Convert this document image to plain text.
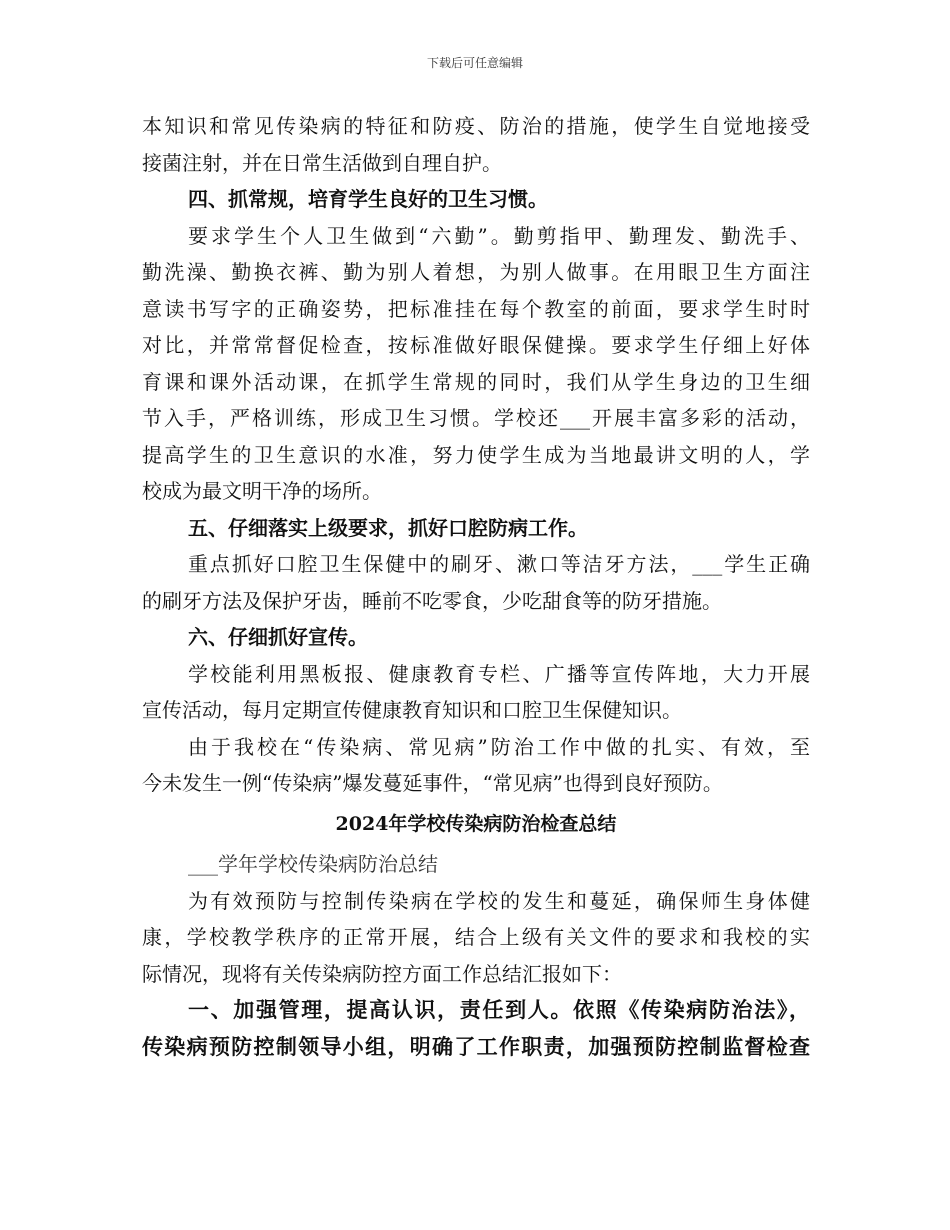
下载后可任意编辑
本知识和常见传染病的特征和防疫、防治的措施，使学生自觉地接受
接菌注射，并在日常生活做到自理自护。
四、抓常规，培育学生良好的卫生习惯。
要求学生个人卫生做到“六勤”。勤剪指甲、勤理发、勤洗手、
勤洗澡、勤换衣裤、勤为别人着想，为别人做事。在用眼卫生方面注
意读书写字的正确姿势，把标准挂在每个教室的前面，要求学生时时
对比，并常常督促检查，按标准做好眼保健操。要求学生仔细上好体
育课和课外活动课，在抓学生常规的同时，我们从学生身边的卫生细
节入手，严格训练，形成卫生习惯。学校还___开展丰富多彩的活动，
提高学生的卫生意识的水准，努力使学生成为当地最讲文明的人，学
校成为最文明干净的场所。
五、仔细落实上级要求，抓好口腔防病工作。
重点抓好口腔卫生保健中的刷牙、漱口等洁牙方法，___学生正确
的刷牙方法及保护牙齿，睡前不吃零食，少吃甜食等的防牙措施。
六、仔细抓好宣传。
学校能利用黑板报、健康教育专栏、广播等宣传阵地，大力开展
宣传活动，每月定期宣传健康教育知识和口腔卫生保健知识。
由于我校在“传染病、常见病”防治工作中做的扎实、有效，至
今未发生一例“传染病”爆发蔓延事件，“常见病”也得到良好预防。
2024年学校传染病防治检查总结
___学年学校传染病防治总结
为有效预防与控制传染病在学校的发生和蔓延，确保师生身体健
康，学校教学秩序的正常开展，结合上级有关文件的要求和我校的实
际情况，现将有关传染病防控方面工作总结汇报如下：
一、加强管理，提高认识，责任到人。依照《传染病防治法》，
传染病预防控制领导小组，明确了工作职责，加强预防控制监督检查
